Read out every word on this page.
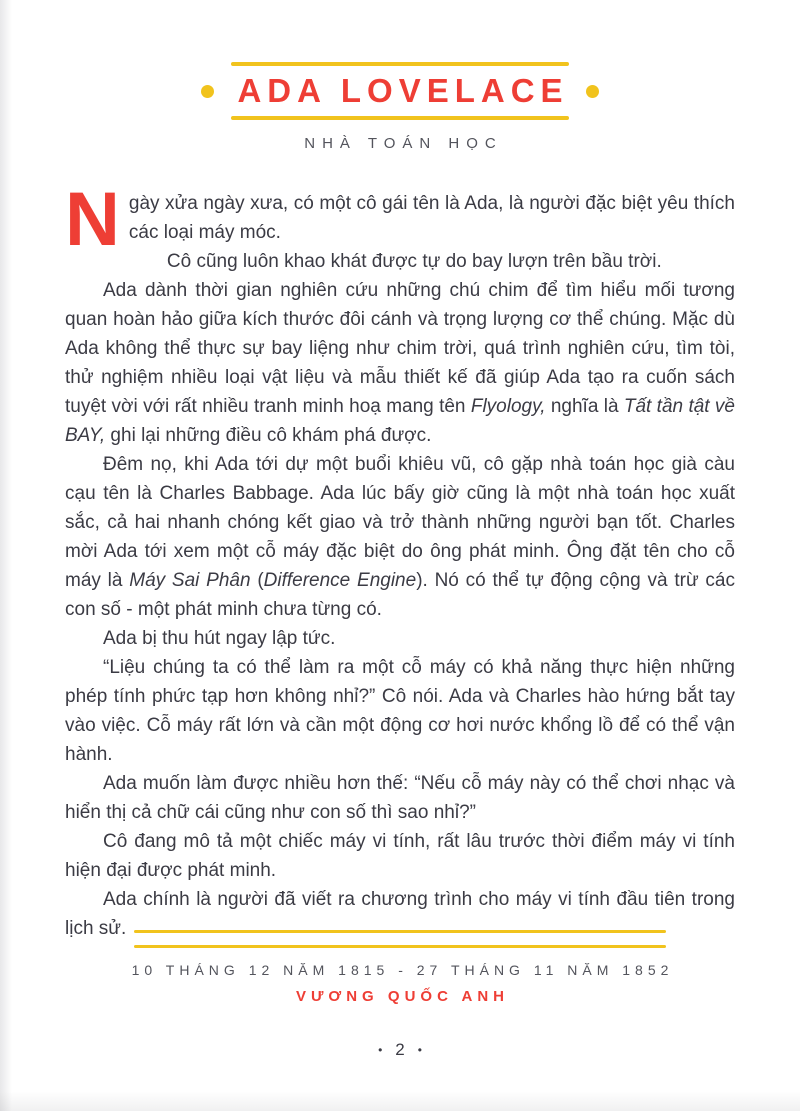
ADA LOVELACE
NHÀ TOÁN HỌC

Ngày xửa ngày xưa, có một cô gái tên là Ada, là người đặc biệt yêu thích các loại máy móc.

Cô cũng luôn khao khát được tự do bay lượn trên bầu trời.

Ada dành thời gian nghiên cứu những chú chim để tìm hiểu mối tương quan hoàn hảo giữa kích thước đôi cánh và trọng lượng cơ thể chúng. Mặc dù Ada không thể thực sự bay liệng như chim trời, quá trình nghiên cứu, tìm tòi, thử nghiệm nhiều loại vật liệu và mẫu thiết kế đã giúp Ada tạo ra cuốn sách tuyệt vời với rất nhiều tranh minh hoạ mang tên Flyology, nghĩa là Tất tần tật về BAY, ghi lại những điều cô khám phá được.

Đêm nọ, khi Ada tới dự một buổi khiêu vũ, cô gặp nhà toán học già càu cạu tên là Charles Babbage. Ada lúc bấy giờ cũng là một nhà toán học xuất sắc, cả hai nhanh chóng kết giao và trở thành những người bạn tốt. Charles mời Ada tới xem một cỗ máy đặc biệt do ông phát minh. Ông đặt tên cho cỗ máy là Máy Sai Phân (Difference Engine). Nó có thể tự động cộng và trừ các con số - một phát minh chưa từng có.

Ada bị thu hút ngay lập tức.

“Liệu chúng ta có thể làm ra một cỗ máy có khả năng thực hiện những phép tính phức tạp hơn không nhỉ?” Cô nói. Ada và Charles hào hứng bắt tay vào việc. Cỗ máy rất lớn và cần một động cơ hơi nước khổng lồ để có thể vận hành.

Ada muốn làm được nhiều hơn thế: “Nếu cỗ máy này có thể chơi nhạc và hiển thị cả chữ cái cũng như con số thì sao nhỉ?”

Cô đang mô tả một chiếc máy vi tính, rất lâu trước thời điểm máy vi tính hiện đại được phát minh.

Ada chính là người đã viết ra chương trình cho máy vi tính đầu tiên trong lịch sử.

10 THÁNG 12 NĂM 1815 - 27 THÁNG 11 NĂM 1852
VƯƠNG QUỐC ANH
• 2 •
